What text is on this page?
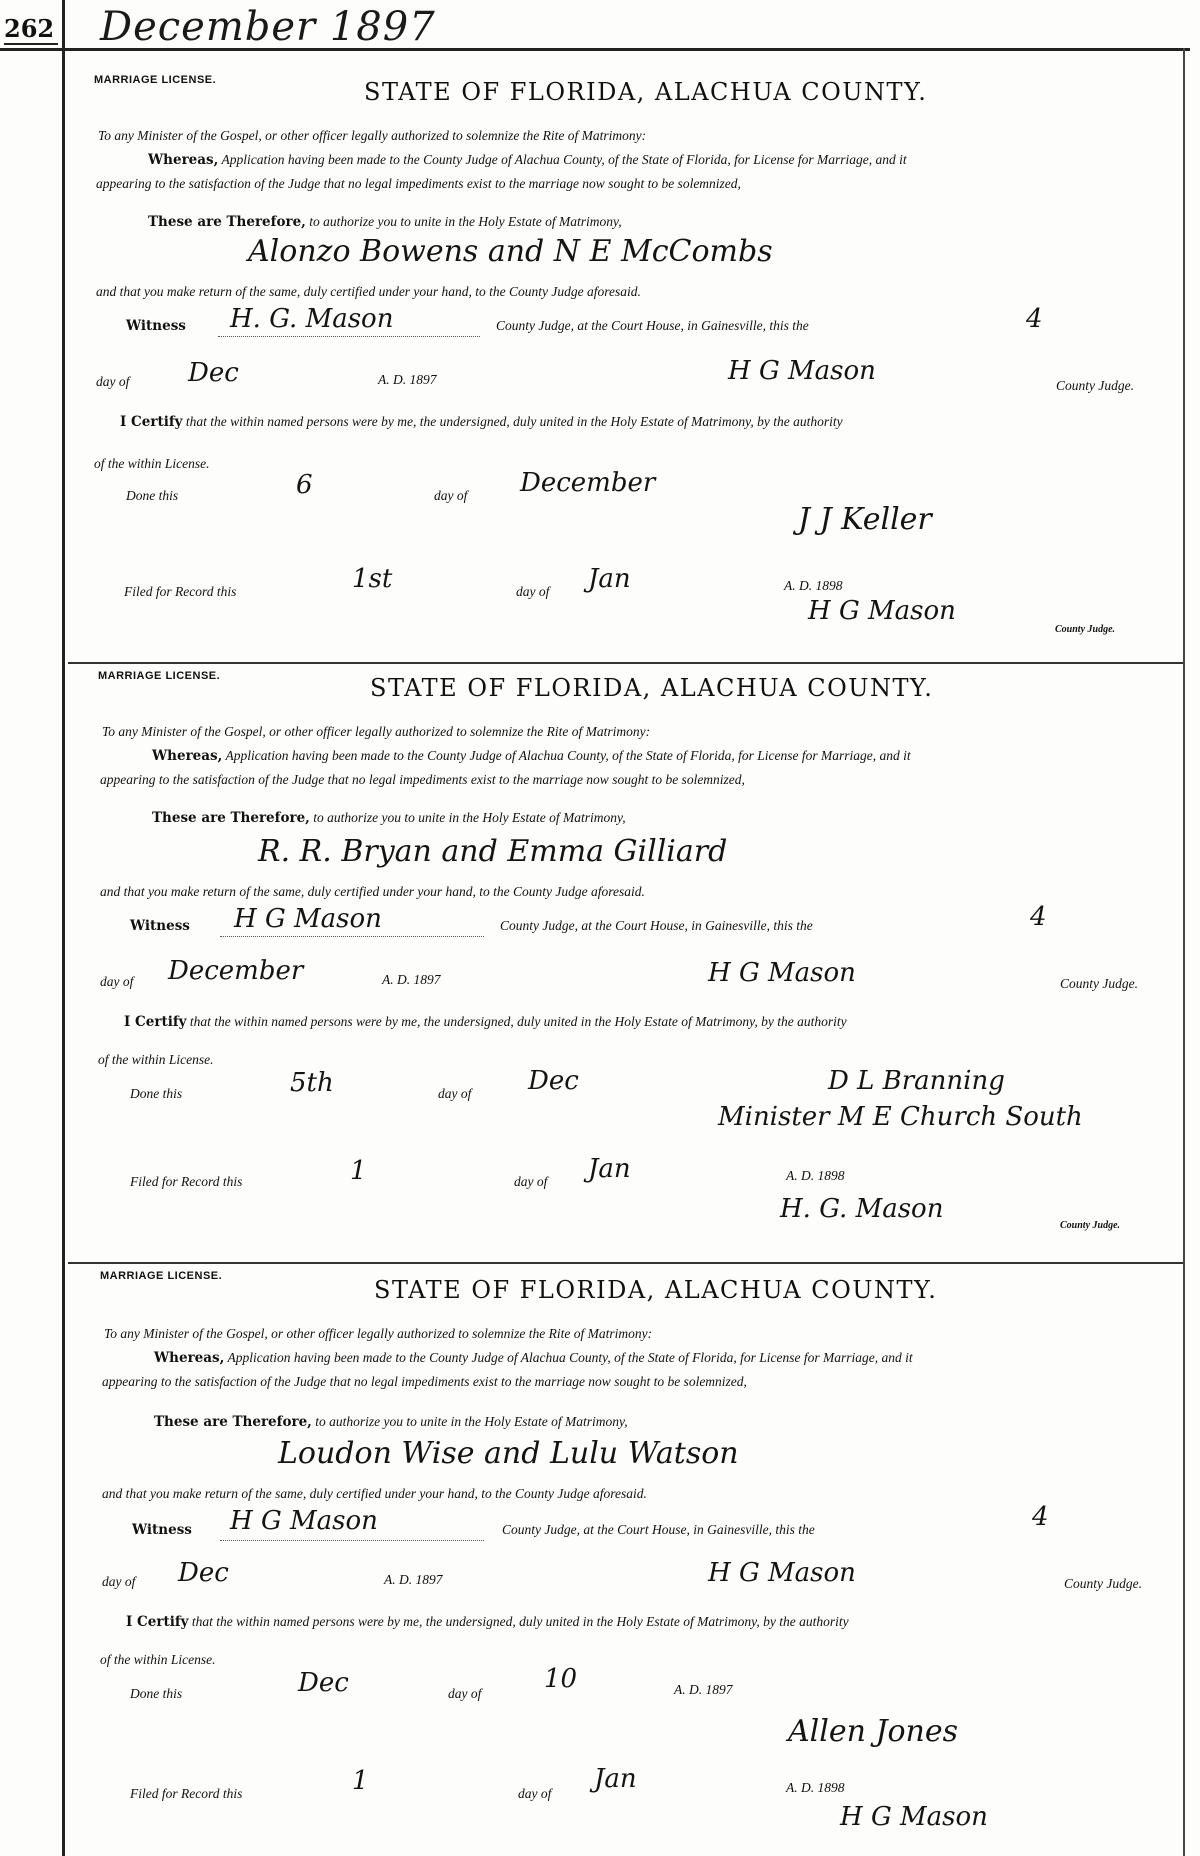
262 December 1897
MARRIAGE LICENSE.	STATE OF FLORIDA, ALACHUA COUNTY.
To any Minister of the Gospel, or other officer legally authorized to solemnize the Rite of Matrimony:
Whereas, Application having been made to the County Judge of Alachua County, of the State of Florida, for License for Marriage, and it
appearing to the satisfaction of the Judge that no legal impediments exist to the marriage now sought to be solemnized,
These are Therefore, to authorize you to unite in the Holy Estate of Matrimony,
Alonzo Bowens and N E McCombs
and that you make return of the same, duly certified under your hand, to the County Judge aforesaid.
Witness H. G. Mason	County Judge, at the Court House, in Gainesville, this the	4
day of Dec	A. D. 1897	H G Mason	County Judge.
I Certify that the within named persons were by me, the undersigned, duly united in the Holy Estate of Matrimony, by the authority
of the within License.
Done this	6	day of December
J J Keller
Filed for Record this	1st	day of Jan	A. D. 1898
H G Mason
County Judge.
MARRIAGE LICENSE.	STATE OF FLORIDA, ALACHUA COUNTY.
To any Minister of the Gospel, or other officer legally authorized to solemnize the Rite of Matrimony:
Whereas, Application having been made to the County Judge of Alachua County, of the State of Florida, for License for Marriage, and it
appearing to the satisfaction of the Judge that no legal impediments exist to the marriage now sought to be solemnized,
These are Therefore, to authorize you to unite in the Holy Estate of Matrimony,
R. R. Bryan and Emma Gilliard
and that you make return of the same, duly certified under your hand, to the County Judge aforesaid.
Witness H G Mason	County Judge, at the Court House, in Gainesville, this the	4
day of December	A. D. 1897	H G Mason	County Judge.
I Certify that the within named persons were by me, the undersigned, duly united in the Holy Estate of Matrimony, by the authority
of the within License.
Done this	5th	day of Dec	D L Branning
Minister M E Church South
Filed for Record this	1	day of Jan	A. D. 1898
H. G. Mason
County Judge.
MARRIAGE LICENSE.	STATE OF FLORIDA, ALACHUA COUNTY.
To any Minister of the Gospel, or other officer legally authorized to solemnize the Rite of Matrimony:
Whereas, Application having been made to the County Judge of Alachua County, of the State of Florida, for License for Marriage, and it
appearing to the satisfaction of the Judge that no legal impediments exist to the marriage now sought to be solemnized,
These are Therefore, to authorize you to unite in the Holy Estate of Matrimony,
Loudon Wise and Lulu Watson
and that you make return of the same, duly certified under your hand, to the County Judge aforesaid.
Witness H G Mason	County Judge, at the Court House, in Gainesville, this the	4
day of Dec	A. D. 1897	H G Mason	County Judge.
I Certify that the within named persons were by me, the undersigned, duly united in the Holy Estate of Matrimony, by the authority
of the within License.
Done this	Dec	day of 10	A. D. 1897
Allen Jones
Filed for Record this	1	day of Jan	A. D. 1898
H G Mason
